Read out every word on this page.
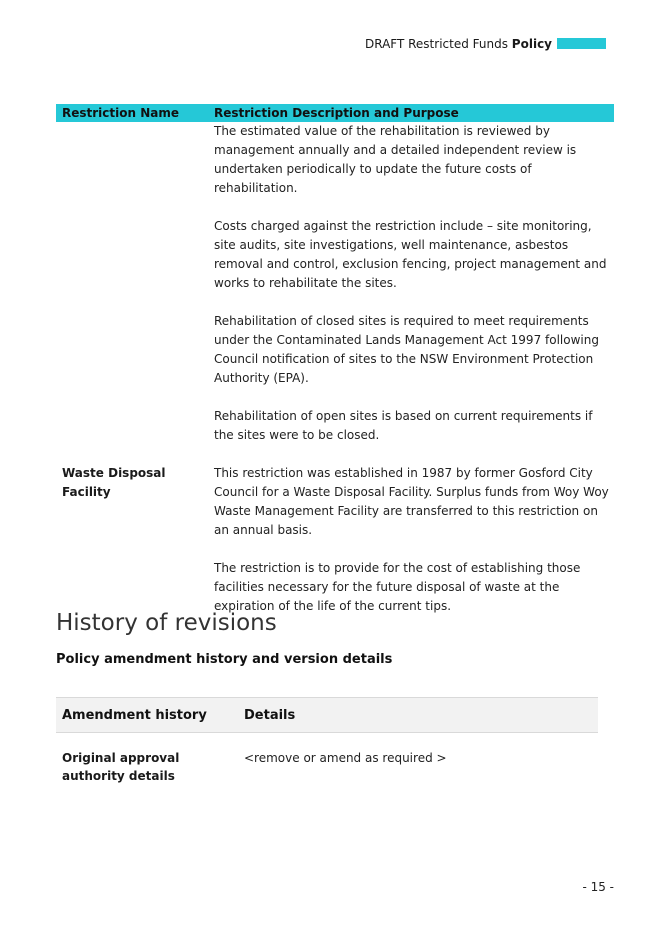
DRAFT Restricted Funds Policy
Restriction Name	Restriction Description and Purpose

The estimated value of the rehabilitation is reviewed by management annually and a detailed independent review is undertaken periodically to update the future costs of rehabilitation.

Costs charged against the restriction include – site monitoring, site audits, site investigations, well maintenance, asbestos removal and control, exclusion fencing, project management and works to rehabilitate the sites.

Rehabilitation of closed sites is required to meet requirements under the Contaminated Lands Management Act 1997 following Council notification of sites to the NSW Environment Protection Authority (EPA).

Rehabilitation of open sites is based on current requirements if the sites were to be closed.

Waste Disposal Facility

This restriction was established in 1987 by former Gosford City Council for a Waste Disposal Facility. Surplus funds from Woy Woy Waste Management Facility are transferred to this restriction on an annual basis.

The restriction is to provide for the cost of establishing those facilities necessary for the future disposal of waste at the expiration of the life of the current tips.

History of revisions
Policy amendment history and version details
Amendment history	Details
Original approval authority details
<remove or amend as required >
- 15 -
